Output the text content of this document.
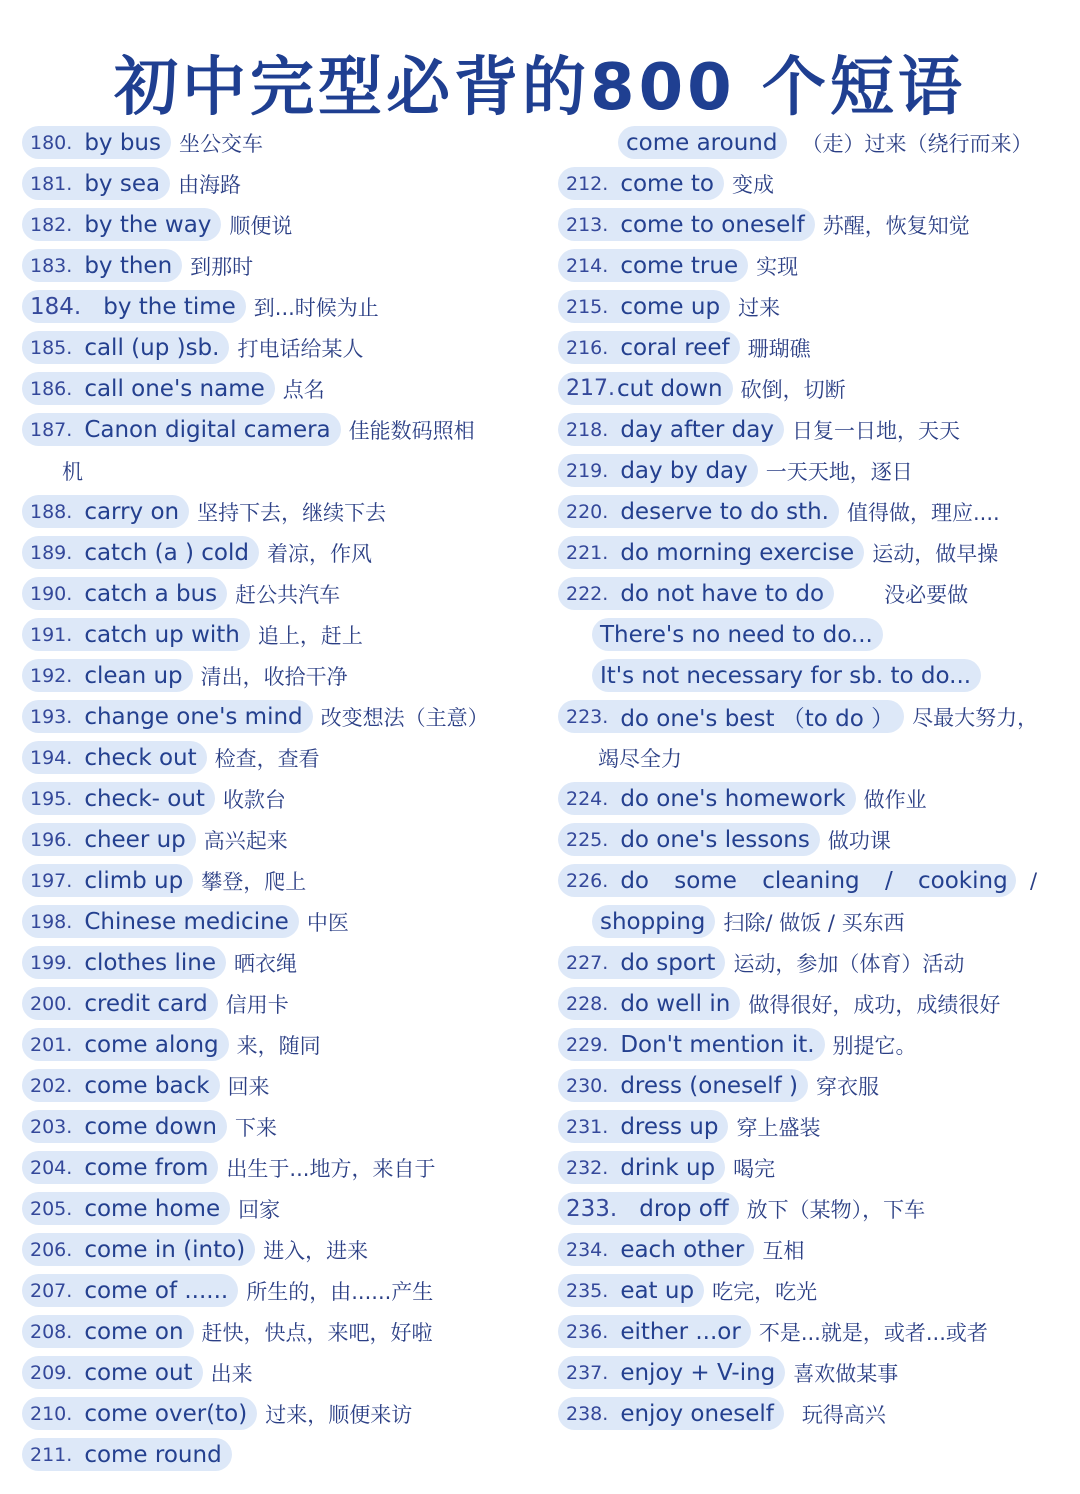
初中完型必背的800 个短语
180. by bus 坐公交车
181. by sea 由海路
182. by the way 顺便说
183. by then 到那时
184. by the time 到...时候为止
185. call (up )sb. 打电话给某人
186. call one's name 点名
187. Canon digital camera 佳能数码照相
机
188. carry on 坚持下去，继续下去
189. catch (a ) cold 着凉，作风
190. catch a bus 赶公共汽车
191. catch up with 追上，赶上
192. clean up 清出，收拾干净
193. change one's mind 改变想法（主意）
194. check out 检查，查看
195. check- out 收款台
196. cheer up 高兴起来
197. climb up 攀登，爬上
198. Chinese medicine 中医
199. clothes line 晒衣绳
200. credit card 信用卡
201. come along 来，随同
202. come back 回来
203. come down 下来
204. come from 出生于...地方，来自于
205. come home 回家
206. come in (into) 进入，进来
207. come of ...... 所生的，由......产生
208. come on 赶快，快点，来吧，好啦
209. come out 出来
210. come over(to) 过来，顺便来访
211. come round
come around （走）过来（绕行而来）
212. come to 变成
213. come to oneself 苏醒，恢复知觉
214. come true 实现
215. come up 过来
216. coral reef 珊瑚礁
217. cut down 砍倒，切断
218. day after day 日复一日地，天天
219. day by day 一天天地，逐日
220. deserve to do sth. 值得做，理应....
221. do morning exercise 运动，做早操
222. do not have to do	没必要做
There's no need to do...
It's not necessary for sb. to do...
223. do one's best （to do ） 尽最大努力，
竭尽全力
224. do one's homework 做作业
225. do one's lessons 做功课
226. do some cleaning / cooking /
shopping 扫除/ 做饭 / 买东西
227. do sport 运动，参加（体育）活动
228. do well in 做得很好，成功，成绩很好
229. Don't mention it. 别提它。
230. dress (oneself ) 穿衣服
231. dress up 穿上盛装
232. drink up 喝完
233. drop off 放下（某物），下车
234. each other 互相
235. eat up 吃完，吃光
236. either ...or 不是...就是，或者...或者
237. enjoy + V-ing 喜欢做某事
238. enjoy oneself 玩得高兴
